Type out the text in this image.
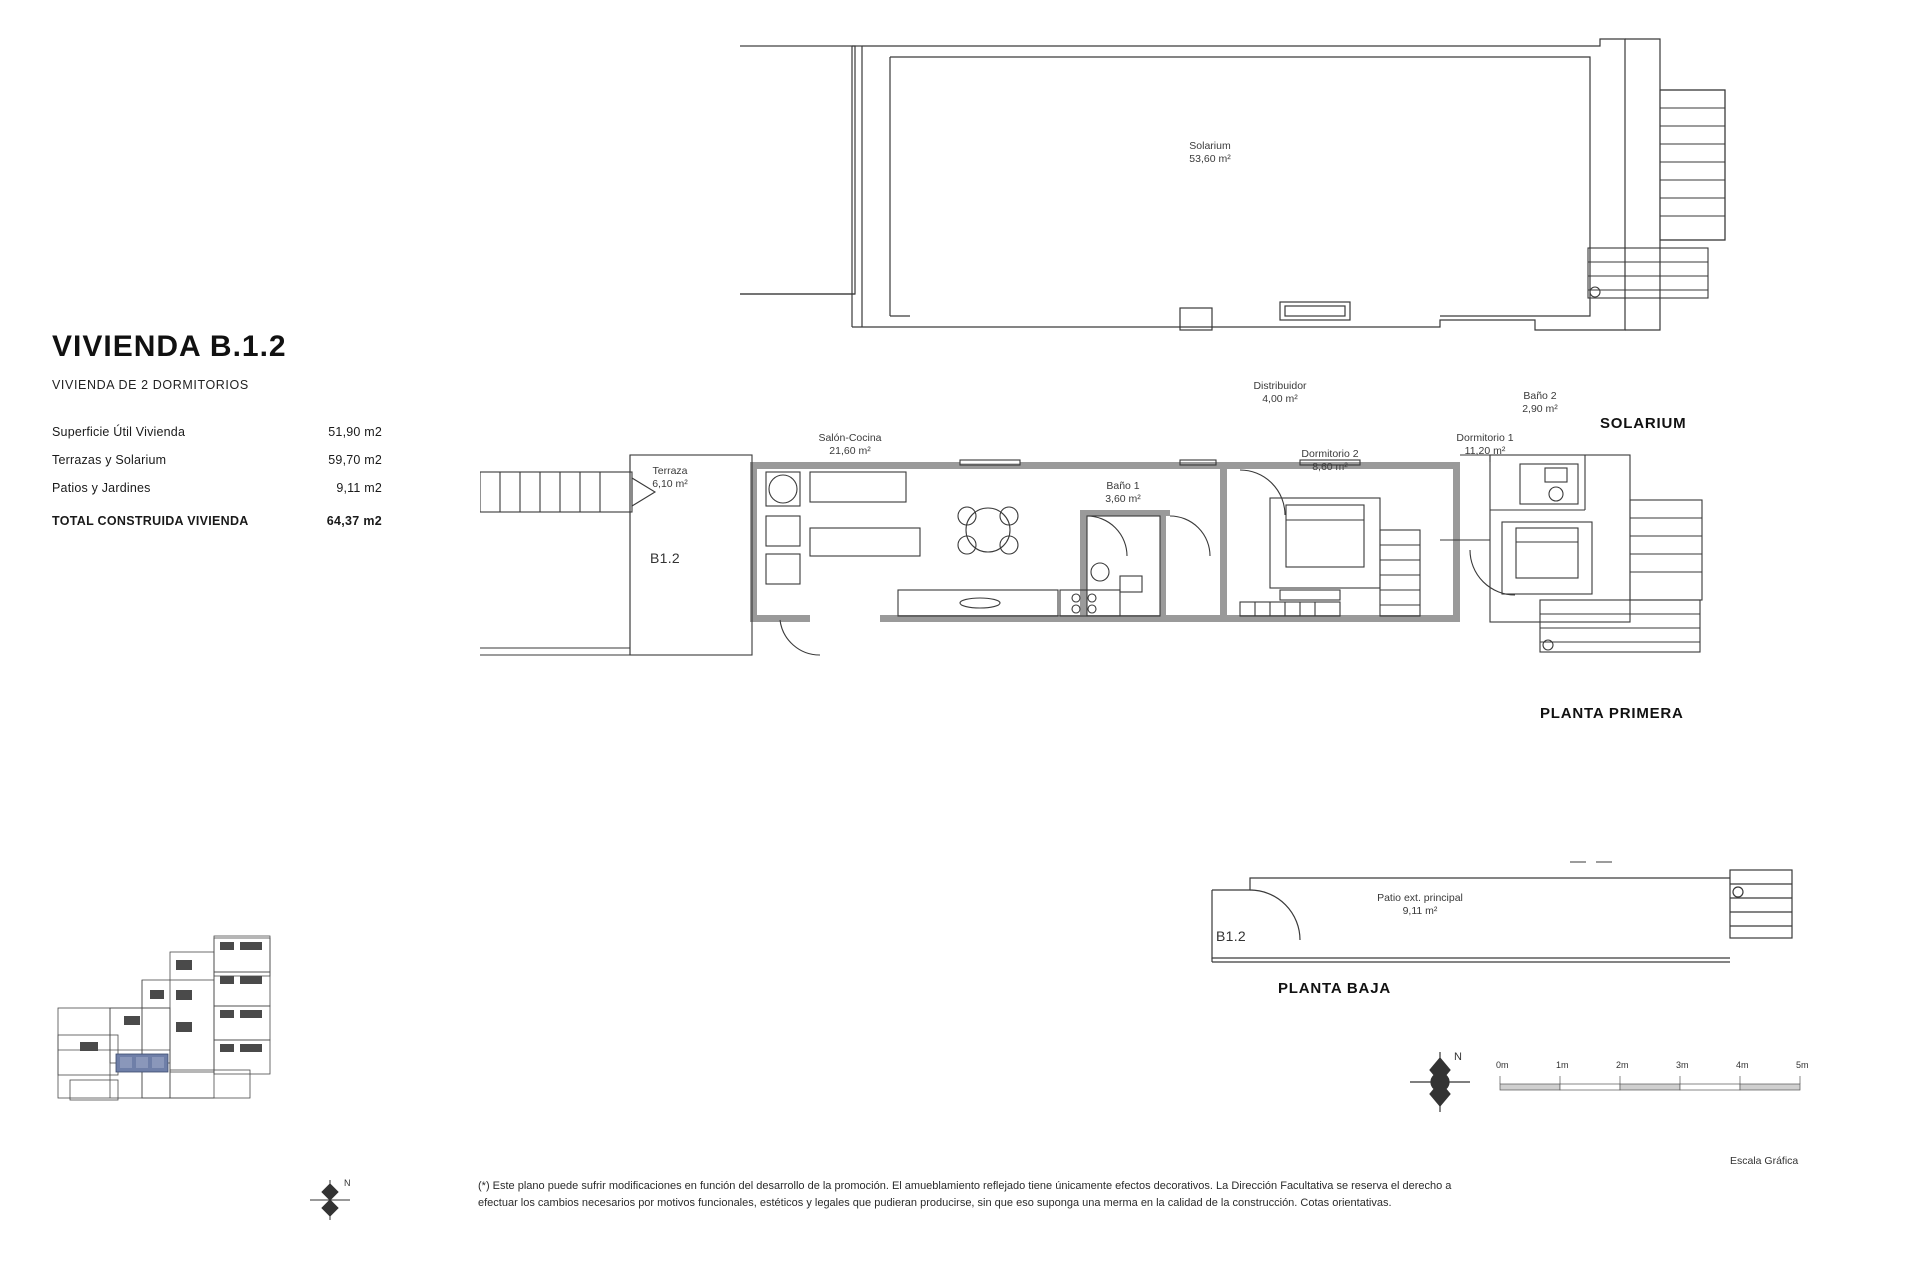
VIVIENDA B.1.2
VIVIENDA DE 2 DORMITORIOS
Superficie Útil Vivienda	51,90 m2
Terrazas y Solarium	59,70 m2
Patios y Jardines	9,11 m2
TOTAL CONSTRUIDA VIVIENDA	64,37 m2
Solarium
53,60 m²
SOLARIUM
B1.2
Terraza
6,10 m²
Salón-Cocina
21,60 m²
Baño 1
3,60 m²
Distribuidor
4,00 m²
Dormitorio 2
8,60 m²
Dormitorio 1
11,20 m²
Baño 2
2,90 m²
PLANTA PRIMERA
B1.2
Patio ext. principal
9,11 m²
PLANTA BAJA
N
N
0m	1m	2m	3m	4m	5m
Escala Gráfica
(*) Este plano puede sufrir modificaciones en función del desarrollo de la promoción. El amueblamiento reflejado tiene únicamente efectos decorativos. La Dirección Facultativa se reserva el derecho a
efectuar los cambios necesarios por motivos funcionales, estéticos y legales que pudieran producirse, sin que eso suponga una merma en la calidad de la construcción. Cotas orientativas.
